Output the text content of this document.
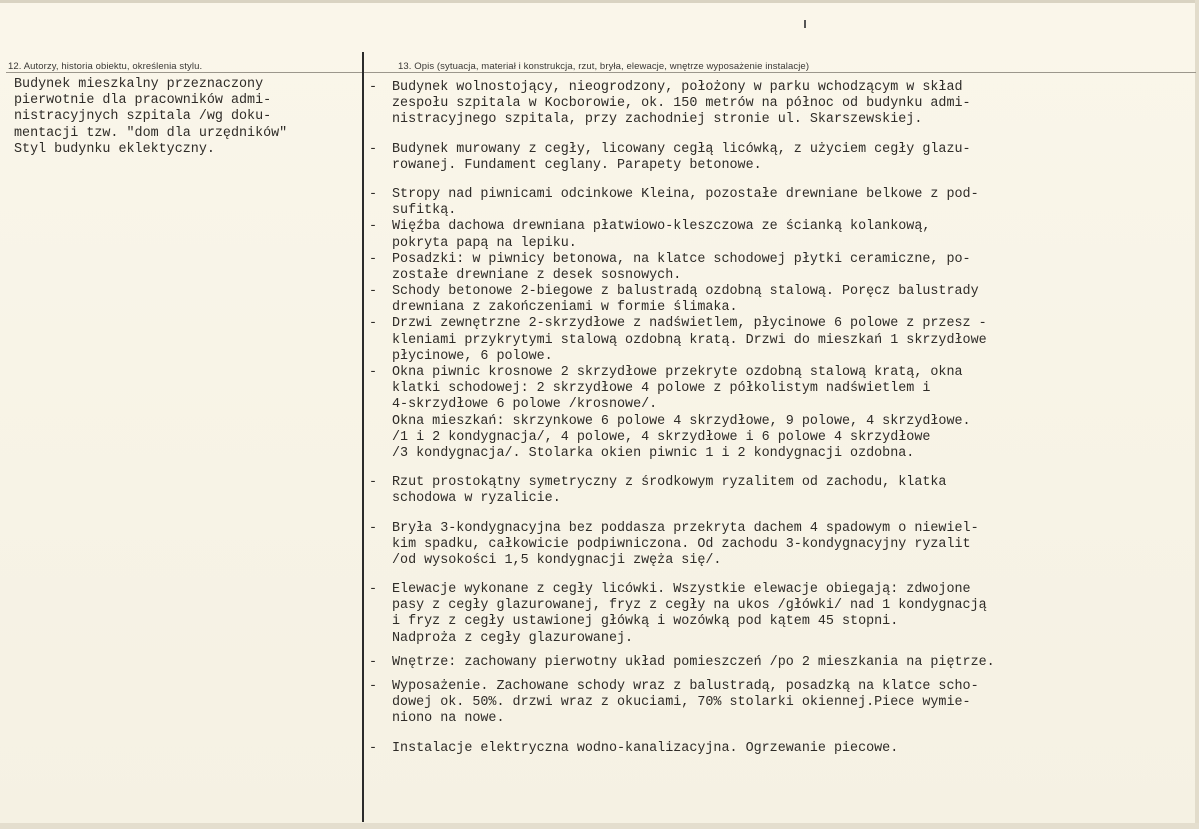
12. Autorzy, historia obiektu, określenia stylu.	13. Opis (sytuacja, materiał i konstrukcja, rzut, bryła, elewacje, wnętrze wyposażenie instalacje)
Budynek mieszkalny przeznaczony
pierwotnie dla pracowników admi-
nistracyjnych szpitala /wg doku-
mentacji tzw. "dom dla urzędników"
Styl budynku eklektyczny.
- Budynek wolnostojący, nieogrodzony, położony w parku wchodzącym w skład
zespołu szpitala w Kocborowie, ok. 150 metrów na północ od budynku admi-
nistracyjnego szpitala, przy zachodniej stronie ul. Skarszewskiej.
- Budynek murowany z cegły, licowany cegłą licówką, z użyciem cegły glazu-
rowanej. Fundament ceglany. Parapety betonowe.
- Stropy nad piwnicami odcinkowe Kleina, pozostałe drewniane belkowe z pod-
sufitką.
- Więźba dachowa drewniana płatwiowo-kleszczowa ze ścianką kolankową,
pokryta papą na lepiku.
- Posadzki: w piwnicy betonowa, na klatce schodowej płytki ceramiczne, po-
zostałe drewniane z desek sosnowych.
- Schody betonowe 2-biegowe z balustradą ozdobną stalową. Poręcz balustrady
drewniana z zakończeniami w formie ślimaka.
- Drzwi zewnętrzne 2-skrzydłowe z nadświetlem, płycinowe 6 polowe z przesz -
kleniami przykrytymi stalową ozdobną kratą. Drzwi do mieszkań 1 skrzydłowe
płycinowe, 6 polowe.
- Okna piwnic krosnowe 2 skrzydłowe przekryte ozdobną stalową kratą, okna
klatki schodowej: 2 skrzydłowe 4 polowe z półkolistym nadświetlem i
4-skrzydłowe 6 polowe /krosnowe/.
Okna mieszkań: skrzynkowe 6 polowe 4 skrzydłowe, 9 polowe, 4 skrzydłowe.
/1 i 2 kondygnacja/, 4 polowe, 4 skrzydłowe i 6 polowe 4 skrzydłowe
/3 kondygnacja/. Stolarka okien piwnic 1 i 2 kondygnacji ozdobna.
- Rzut prostokątny symetryczny z środkowym ryzalitem od zachodu, klatka
schodowa w ryzalicie.
- Bryła 3-kondygnacyjna bez poddasza przekryta dachem 4 spadowym o niewiel-
kim spadku, całkowicie podpiwniczona. Od zachodu 3-kondygnacyjny ryzalit
/od wysokości 1,5 kondygnacji zwęża się/.
- Elewacje wykonane z cegły licówki. Wszystkie elewacje obiegają: zdwojone
pasy z cegły glazurowanej, fryz z cegły na ukos /główki/ nad 1 kondygnacją
i fryz z cegły ustawionej główką i wozówką pod kątem 45 stopni.
Nadproża z cegły glazurowanej.
- Wnętrze: zachowany pierwotny układ pomieszczeń /po 2 mieszkania na piętrze.
- Wyposażenie. Zachowane schody wraz z balustradą, posadzką na klatce scho-
dowej ok. 50%. drzwi wraz z okuciami, 70% stolarki okiennej.Piece wymie-
niono na nowe.
- Instalacje elektryczna wodno-kanalizacyjna. Ogrzewanie piecowe.
